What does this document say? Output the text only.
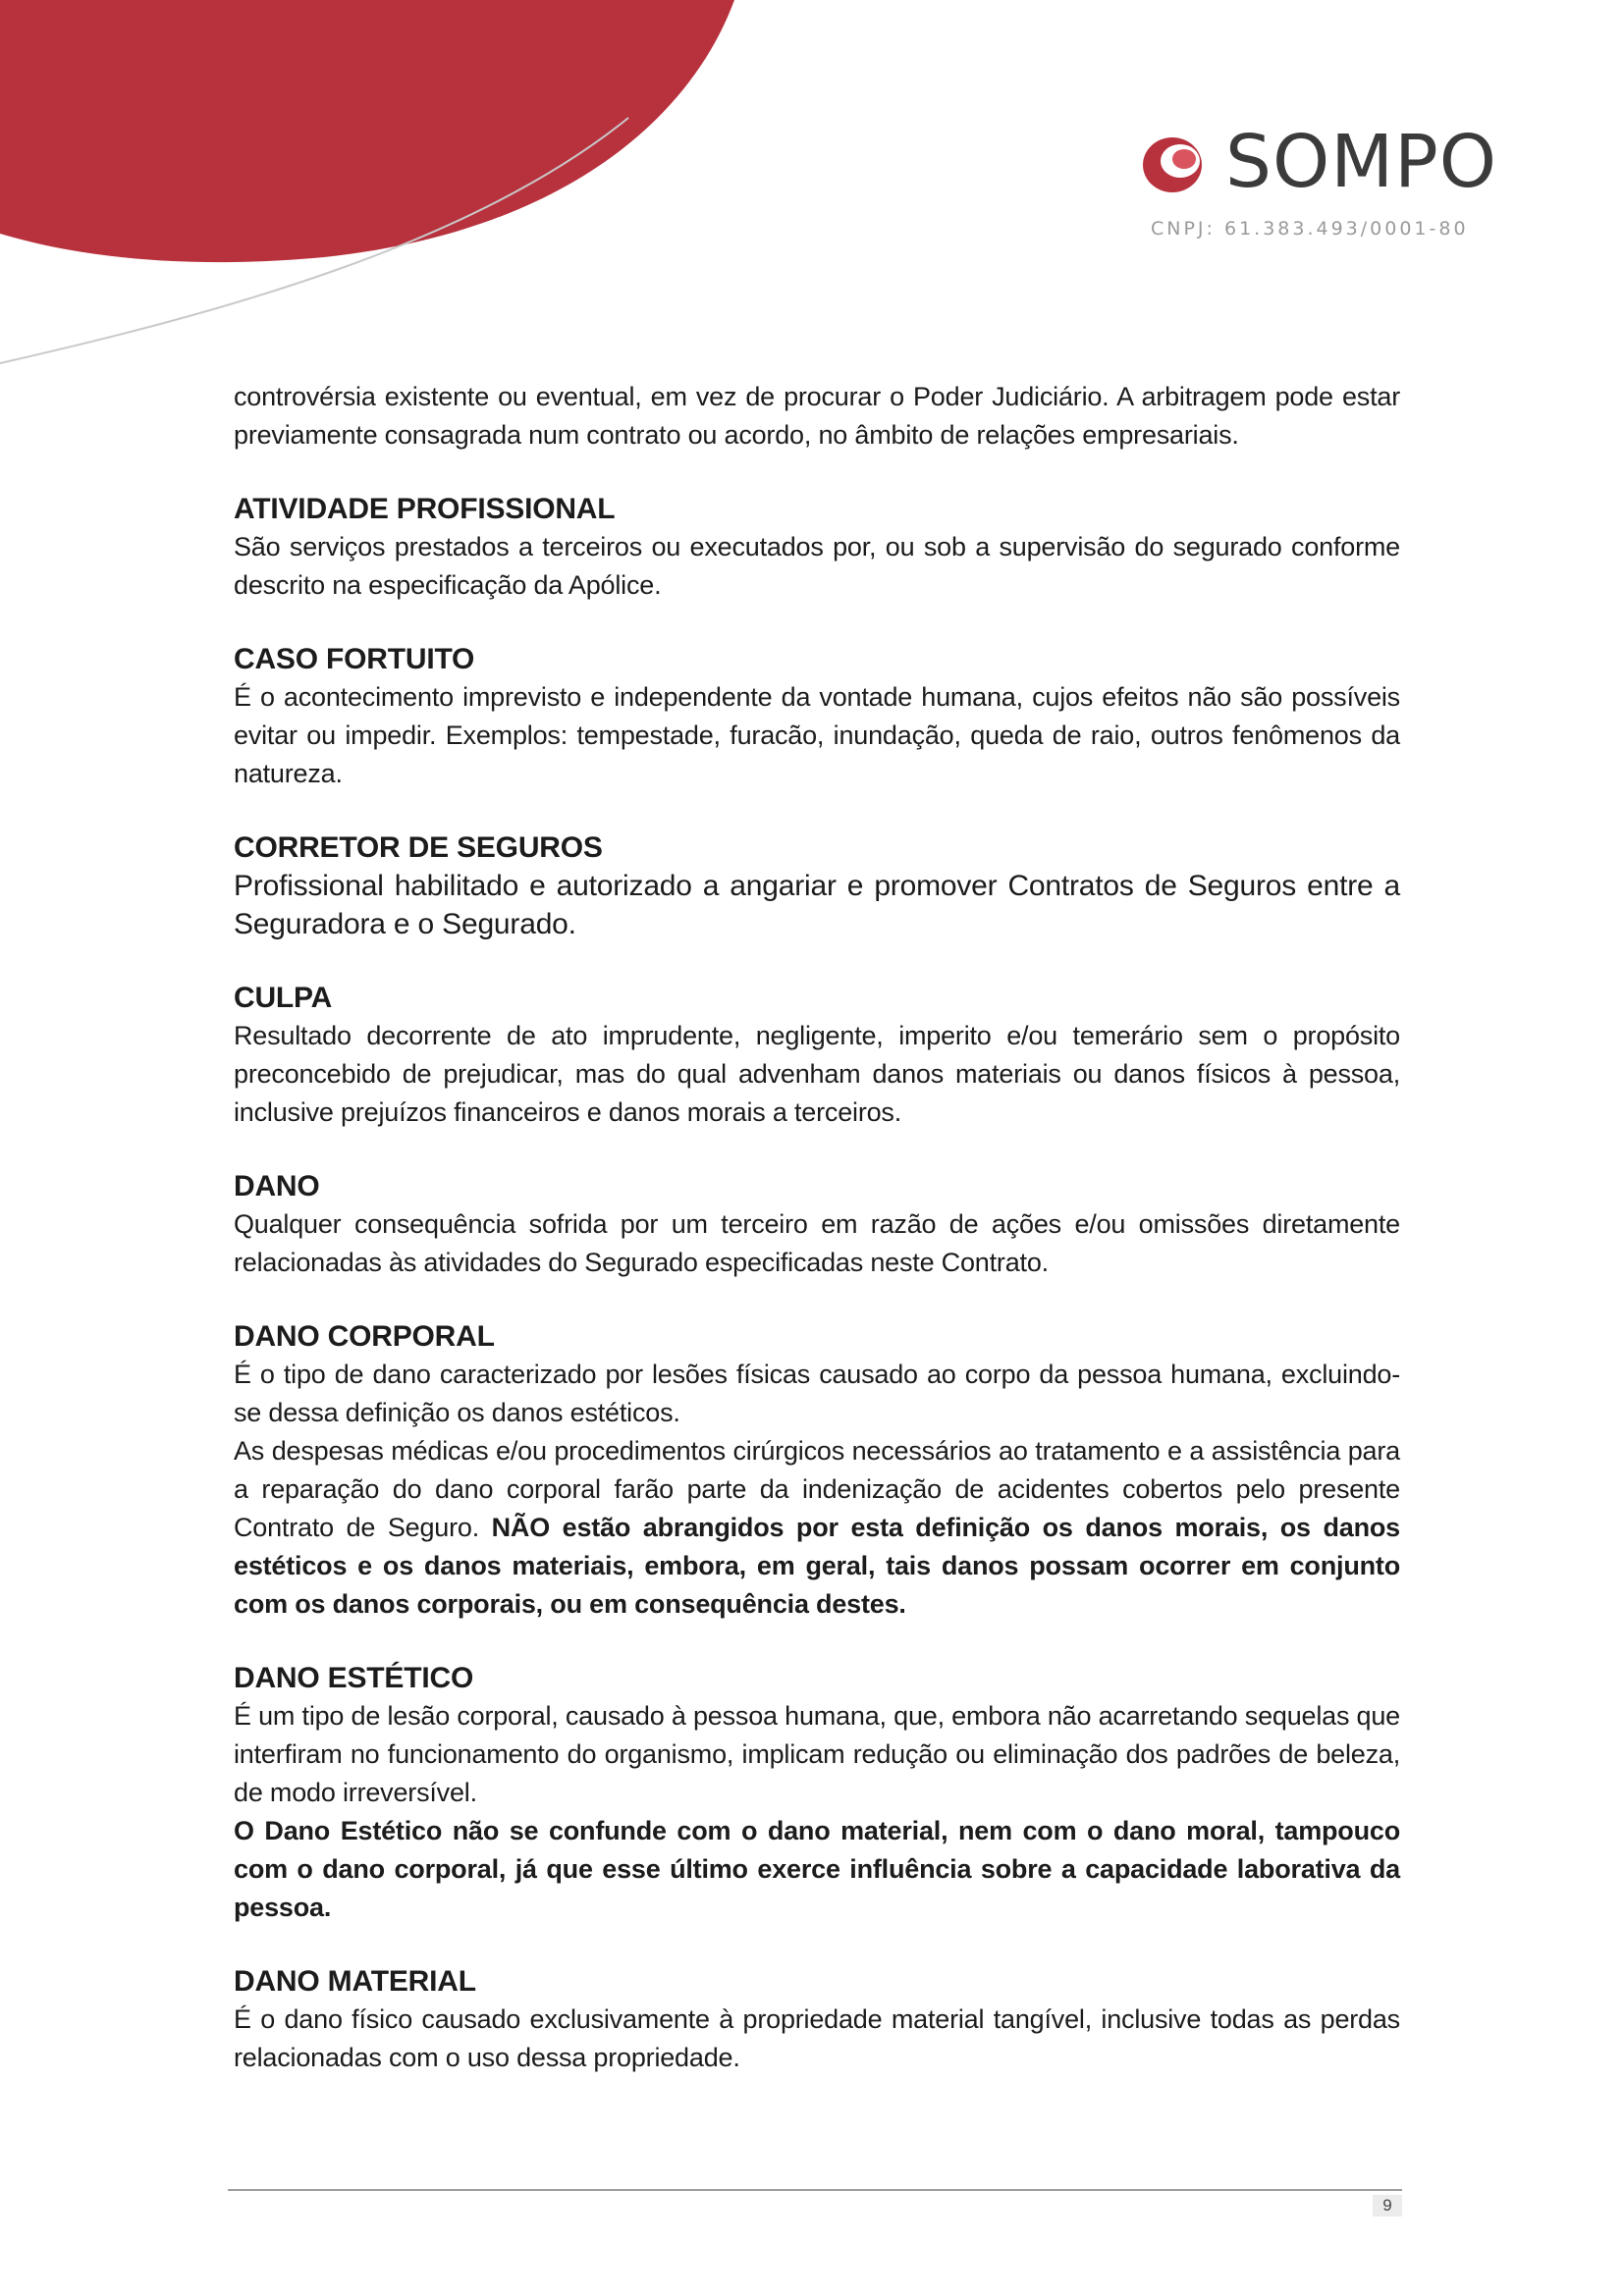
SOMPO
CNPJ: 61.383.493/0001-80

controvérsia existente ou eventual, em vez de procurar o Poder Judiciário. A arbitragem pode estar previamente consagrada num contrato ou acordo, no âmbito de relações empresariais.

ATIVIDADE PROFISSIONAL

São serviços prestados a terceiros ou executados por, ou sob a supervisão do segurado conforme descrito na especificação da Apólice.

CASO FORTUITO

É o acontecimento imprevisto e independente da vontade humana, cujos efeitos não são possíveis evitar ou impedir. Exemplos: tempestade, furacão, inundação, queda de raio, outros fenômenos da natureza.

CORRETOR DE SEGUROS

Profissional habilitado e autorizado a angariar e promover Contratos de Seguros entre a Seguradora e o Segurado.

CULPA

Resultado decorrente de ato imprudente, negligente, imperito e/ou temerário sem o propósito preconcebido de prejudicar, mas do qual advenham danos materiais ou danos físicos à pessoa, inclusive prejuízos financeiros e danos morais a terceiros.

DANO

Qualquer consequência sofrida por um terceiro em razão de ações e/ou omissões diretamente relacionadas às atividades do Segurado especificadas neste Contrato.

DANO CORPORAL

É o tipo de dano caracterizado por lesões físicas causado ao corpo da pessoa humana, excluindo-se dessa definição os danos estéticos.

As despesas médicas e/ou procedimentos cirúrgicos necessários ao tratamento e a assistência para a reparação do dano corporal farão parte da indenização de acidentes cobertos pelo presente Contrato de Seguro. NÃO estão abrangidos por esta definição os danos morais, os danos estéticos e os danos materiais, embora, em geral, tais danos possam ocorrer em conjunto com os danos corporais, ou em consequência destes.

DANO ESTÉTICO

É um tipo de lesão corporal, causado à pessoa humana, que, embora não acarretando sequelas que interfiram no funcionamento do organismo, implicam redução ou eliminação dos padrões de beleza, de modo irreversível.

O Dano Estético não se confunde com o dano material, nem com o dano moral, tampouco com o dano corporal, já que esse último exerce influência sobre a capacidade laborativa da pessoa.

DANO MATERIAL

É o dano físico causado exclusivamente à propriedade material tangível, inclusive todas as perdas relacionadas com o uso dessa propriedade.

9
